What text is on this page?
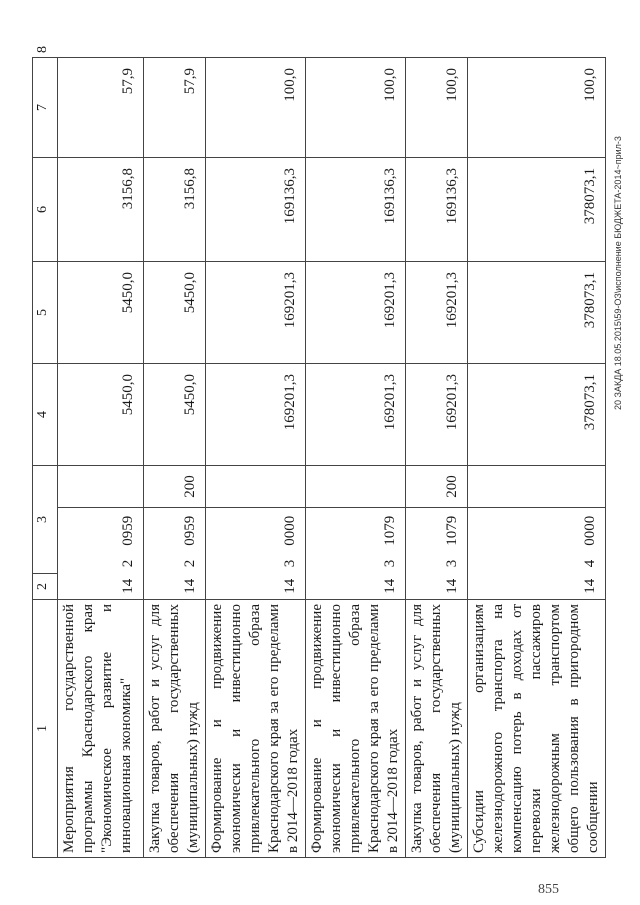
1	2	3			4	5	6	7	8
Мероприятия государственной программы Краснодарского края "Экономическое развитие и инновационная экономика"	14	2	0959		5450,0	5450,0	3156,8	57,9	
Закупка товаров, работ и услуг для обеспечения государственных (муниципальных) нужд	14	2	0959	200	5450,0	5450,0	3156,8	57,9	
Формирование и продвижение экономически и инвестиционно привлекательного образа Краснодарского края за его пределами в 2014—2018 годах	14	3	0000		169201,3	169201,3	169136,3	100,0	
Формирование и продвижение экономически и инвестиционно привлекательного образа Краснодарского края за его пределами в 2014—2018 годах	14	3	1079		169201,3	169201,3	169136,3	100,0	
Закупка товаров, работ и услуг для обеспечения государственных (муниципальных) нужд	14	3	1079	200	169201,3	169201,3	169136,3	100,0	
Субсидии организациям железнодорожного транспорта на компенсацию потерь в доходах от перевозки пассажиров железнодорожным транспортом общего пользования в пригородном сообщении	14	4	0000		378073,1	378073,1	378073,1	100,0	
20 ЗАКДА 18.05.2015\59-ОЗ\исполнение БЮДЖЕТА-2014~прил-3
855
